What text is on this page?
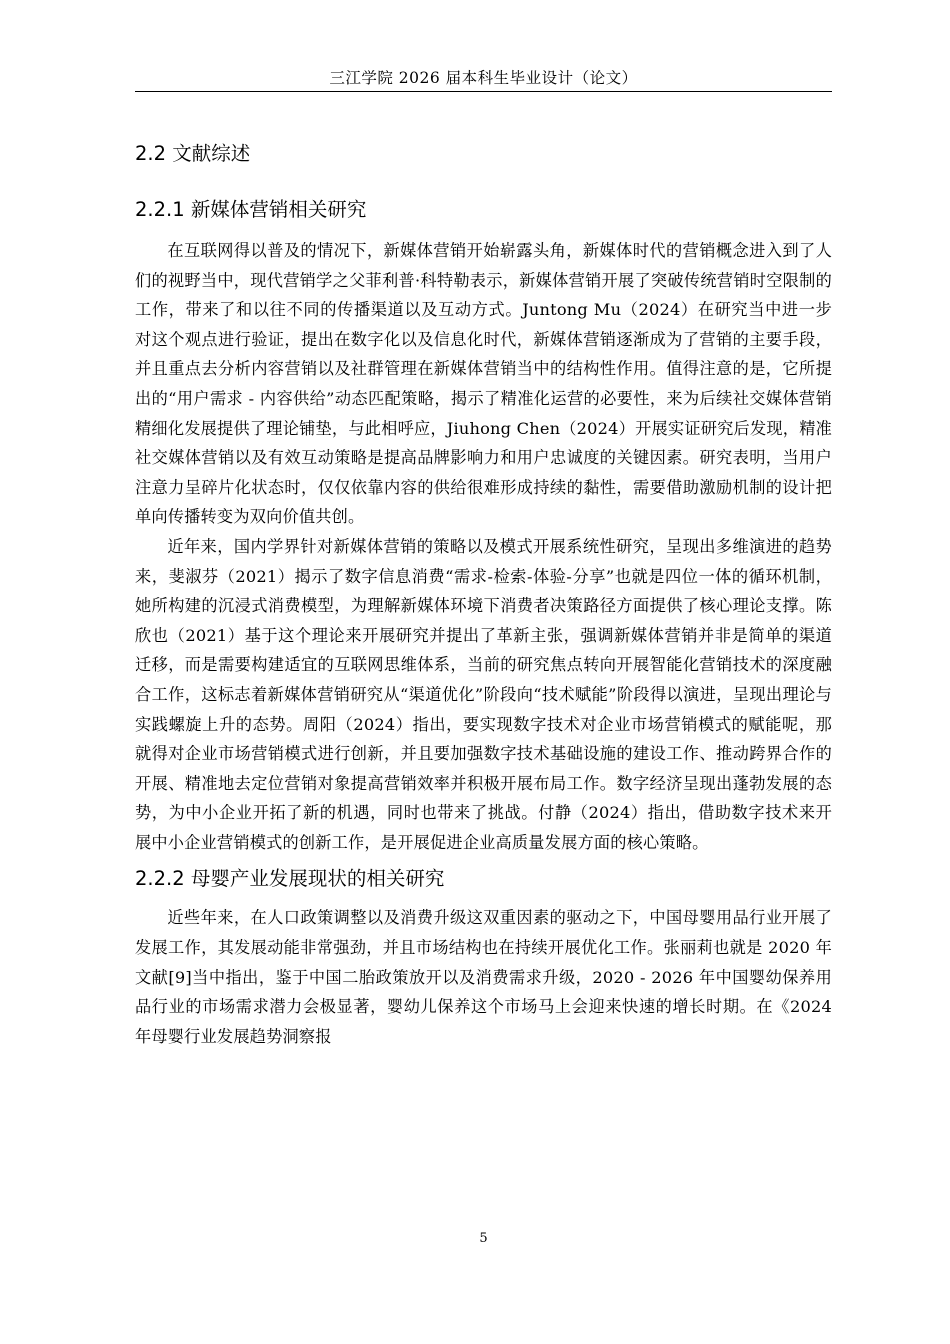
三江学院 2026 届本科生毕业设计（论文）
2.2 文献综述
2.2.1 新媒体营销相关研究

在互联网得以普及的情况下，新媒体营销开始崭露头角，新媒体时代的营销概念进入到了人们的视野当中，现代营销学之父菲利普·科特勒表示，新媒体营销开展了突破传统营销时空限制的工作，带来了和以往不同的传播渠道以及互动方式。Juntong Mu（2024）在研究当中进一步对这个观点进行验证，提出在数字化以及信息化时代，新媒体营销逐渐成为了营销的主要手段，并且重点去分析内容营销以及社群管理在新媒体营销当中的结构性作用。值得注意的是，它所提出的“用户需求 - 内容供给”动态匹配策略，揭示了精准化运营的必要性，来为后续社交媒体营销精细化发展提供了理论铺垫，与此相呼应，Jiuhong Chen（2024）开展实证研究后发现，精准社交媒体营销以及有效互动策略是提高品牌影响力和用户忠诚度的关键因素。研究表明，当用户注意力呈碎片化状态时，仅仅依靠内容的供给很难形成持续的黏性，需要借助激励机制的设计把单向传播转变为双向价值共创。

近年来，国内学界针对新媒体营销的策略以及模式开展系统性研究，呈现出多维演进的趋势来，斐淑芬（2021）揭示了数字信息消费“需求-检索-体验-分享”也就是四位一体的循环机制，她所构建的沉浸式消费模型，为理解新媒体环境下消费者决策路径方面提供了核心理论支撑。陈欣也（2021）基于这个理论来开展研究并提出了革新主张，强调新媒体营销并非是简单的渠道迁移，而是需要构建适宜的互联网思维体系，当前的研究焦点转向开展智能化营销技术的深度融合工作，这标志着新媒体营销研究从“渠道优化”阶段向“技术赋能”阶段得以演进，呈现出理论与实践螺旋上升的态势。周阳（2024）指出，要实现数字技术对企业市场营销模式的赋能呢，那就得对企业市场营销模式进行创新，并且要加强数字技术基础设施的建设工作、推动跨界合作的开展、精准地去定位营销对象提高营销效率并积极开展布局工作。数字经济呈现出蓬勃发展的态势，为中小企业开拓了新的机遇，同时也带来了挑战。付静（2024）指出，借助数字技术来开展中小企业营销模式的创新工作，是开展促进企业高质量发展方面的核心策略。

2.2.2 母婴产业发展现状的相关研究

近些年来，在人口政策调整以及消费升级这双重因素的驱动之下，中国母婴用品行业开展了发展工作，其发展动能非常强劲，并且市场结构也在持续开展优化工作。张丽莉也就是 2020 年文献[9]当中指出，鉴于中国二胎政策放开以及消费需求升级，2020 - 2026 年中国婴幼保养用品行业的市场需求潜力会极显著，婴幼儿保养这个市场马上会迎来快速的增长时期。在《2024 年母婴行业发展趋势洞察报

5
